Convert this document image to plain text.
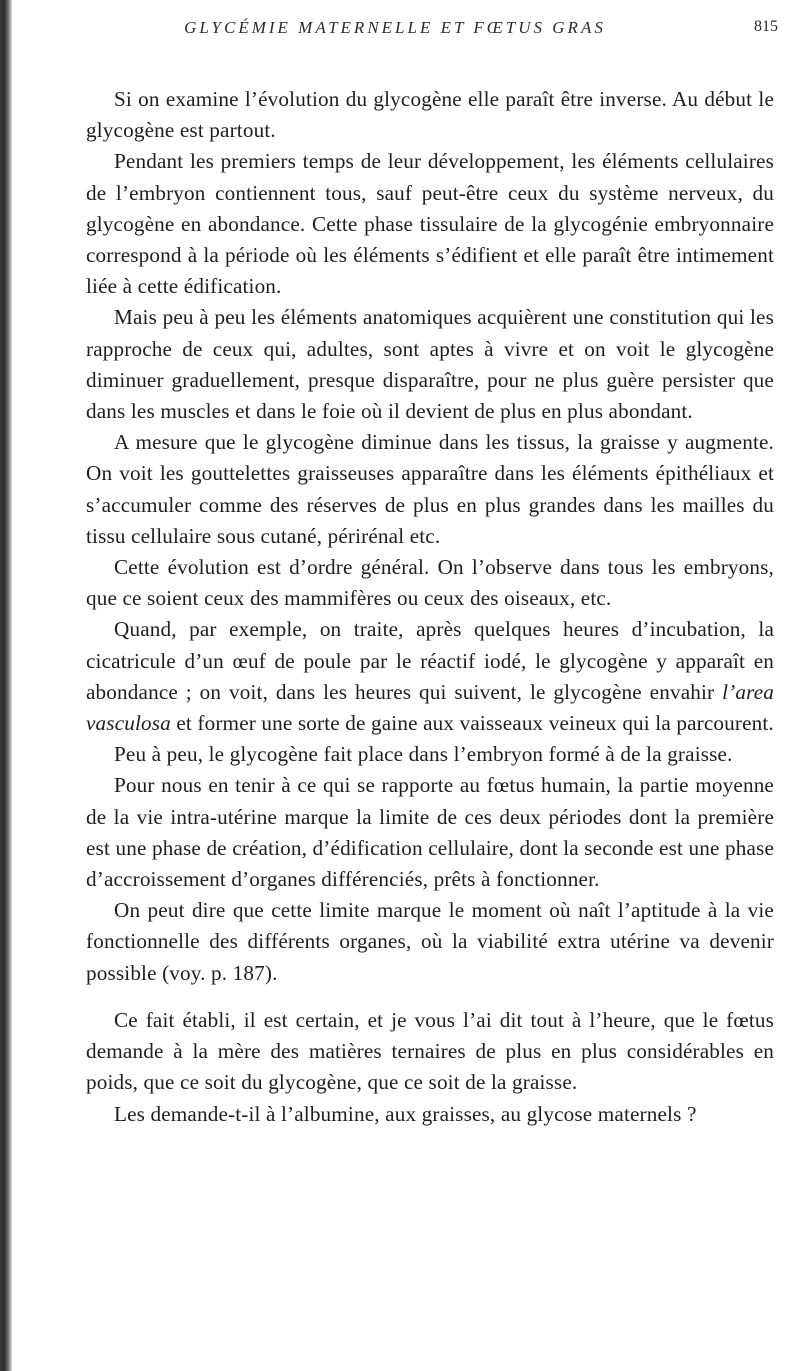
GLYCÉMIE MATERNELLE ET FŒTUS GRAS	815

Si on examine l’évolution du glycogène elle paraît être inverse. Au début le glycogène est partout.

Pendant les premiers temps de leur développement, les éléments cellulaires de l’embryon contiennent tous, sauf peut-être ceux du système nerveux, du glycogène en abondance. Cette phase tissulaire de la glycogénie embryonnaire correspond à la période où les éléments s’édifient et elle paraît être intimement liée à cette édification.

Mais peu à peu les éléments anatomiques acquièrent une constitution qui les rapproche de ceux qui, adultes, sont aptes à vivre et on voit le glycogène diminuer graduellement, presque disparaître, pour ne plus guère persister que dans les muscles et dans le foie où il devient de plus en plus abondant.

A mesure que le glycogène diminue dans les tissus, la graisse y augmente. On voit les gouttelettes graisseuses apparaître dans les éléments épithéliaux et s’accumuler comme des réserves de plus en plus grandes dans les mailles du tissu cellulaire sous cutané, périrénal etc.

Cette évolution est d’ordre général. On l’observe dans tous les embryons, que ce soient ceux des mammifères ou ceux des oiseaux, etc.

Quand, par exemple, on traite, après quelques heures d’incubation, la cicatricule d’un œuf de poule par le réactif iodé, le glycogène y apparaît en abondance ; on voit, dans les heures qui suivent, le glycogène envahir l’area vasculosa et former une sorte de gaine aux vaisseaux veineux qui la parcourent.

Peu à peu, le glycogène fait place dans l’embryon formé à de la graisse.

Pour nous en tenir à ce qui se rapporte au fœtus humain, la partie moyenne de la vie intra-utérine marque la limite de ces deux périodes dont la première est une phase de création, d’édification cellulaire, dont la seconde est une phase d’accroissement d’organes différenciés, prêts à fonctionner.

On peut dire que cette limite marque le moment où naît l’aptitude à la vie fonctionnelle des différents organes, où la viabilité extra utérine va devenir possible (voy. p. 187).

Ce fait établi, il est certain, et je vous l’ai dit tout à l’heure, que le fœtus demande à la mère des matières ternaires de plus en plus considérables en poids, que ce soit du glycogène, que ce soit de la graisse.

Les demande-t-il à l’albumine, aux graisses, au glycose maternels ?
